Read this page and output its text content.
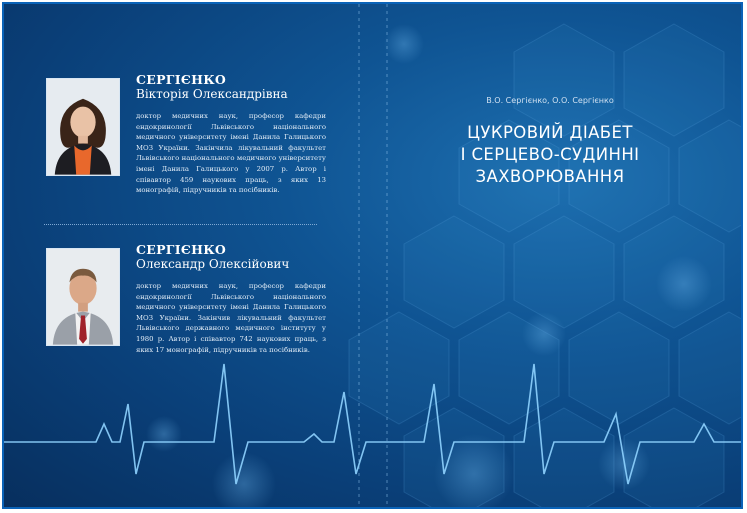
СЕРГІЄНКО
Вікторія Олександрівна
доктор медичних наук, професор кафедри ендокринології Львівського національного медичного університету імені Данила Галицького МОЗ України. Закінчила лікувальний факультет Львівського національного медичного університету імені Данила Галицького у 2007 р. Автор і співавтор 459 наукових праць, з яких 13 монографій, підручників та посібників.
СЕРГІЄНКО
Олександр Олексійович
доктор медичних наук, професор кафедри ендокринології Львівського національного медичного університету імені Данила Галицького МОЗ України. Закінчив лікувальний факультет Львівського державного медичного інституту у 1980 р. Автор і співавтор 742 наукових праць, з яких 17 монографій, підручників та посібників.
В.О. Сергієнко, О.О. Сергієнко
ЦУКРОВИЙ ДІАБЕТ
І СЕРЦЕВО-СУДИННІ
ЗАХВОРЮВАННЯ
